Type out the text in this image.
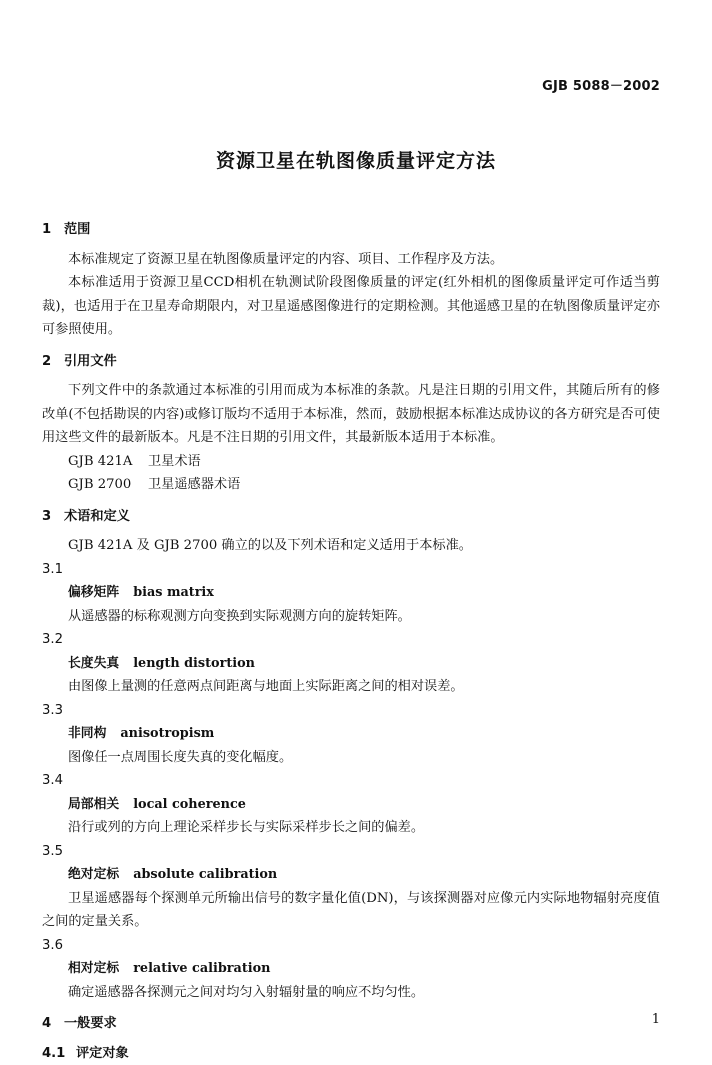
GJB 5088－2002
资源卫星在轨图像质量评定方法

1 范围

本标准规定了资源卫星在轨图像质量评定的内容、项目、工作程序及方法。

本标准适用于资源卫星CCD相机在轨测试阶段图像质量的评定(红外相机的图像质量评定可作适当剪裁)，也适用于在卫星寿命期限内，对卫星遥感图像进行的定期检测。其他遥感卫星的在轨图像质量评定亦可参照使用。

2 引用文件

下列文件中的条款通过本标准的引用而成为本标准的条款。凡是注日期的引用文件，其随后所有的修改单(不包括勘误的内容)或修订版均不适用于本标准，然而，鼓励根据本标准达成协议的各方研究是否可使用这些文件的最新版本。凡是不注日期的引用文件，其最新版本适用于本标准。

GJB 421A 卫星术语

GJB 2700 卫星遥感器术语

3 术语和定义

GJB 421A 及 GJB 2700 确立的以及下列术语和定义适用于本标准。

3.1

偏移矩阵 bias matrix

从遥感器的标称观测方向变换到实际观测方向的旋转矩阵。

3.2

长度失真 length distortion

由图像上量测的任意两点间距离与地面上实际距离之间的相对误差。

3.3

非同构 anisotropism

图像任一点周围长度失真的变化幅度。

3.4

局部相关 local coherence

沿行或列的方向上理论采样步长与实际采样步长之间的偏差。

3.5

绝对定标 absolute calibration

卫星遥感器每个探测单元所输出信号的数字量化值(DN)，与该探测器对应像元内实际地物辐射亮度值之间的定量关系。

3.6

相对定标 relative calibration

确定遥感器各探测元之间对均匀入射辐射量的响应不均匀性。

4 一般要求

4.1 评定对象

1
